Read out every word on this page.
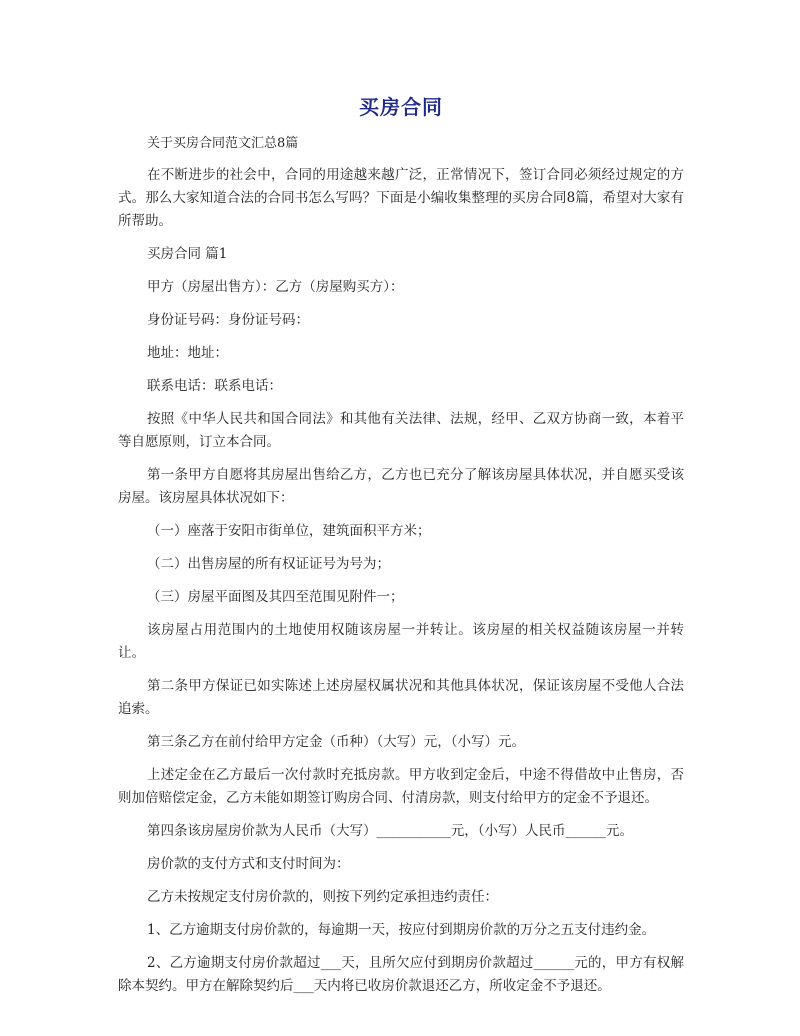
买房合同
关于买房合同范文汇总8篇

在不断进步的社会中，合同的用途越来越广泛，正常情况下，签订合同必须经过规定的方式。那么大家知道合法的合同书怎么写吗？下面是小编收集整理的买房合同8篇，希望对大家有所帮助。

买房合同 篇1

甲方（房屋出售方）：乙方（房屋购买方）：

身份证号码：身份证号码：

地址：地址：

联系电话：联系电话：

按照《中华人民共和国合同法》和其他有关法律、法规，经甲、乙双方协商一致，本着平等自愿原则，订立本合同。

第一条甲方自愿将其房屋出售给乙方，乙方也已充分了解该房屋具体状况，并自愿买受该房屋。该房屋具体状况如下：

（一）座落于安阳市街单位，建筑面积平方米；

（二）出售房屋的所有权证证号为号为；

（三）房屋平面图及其四至范围见附件一；

该房屋占用范围内的土地使用权随该房屋一并转让。该房屋的相关权益随该房屋一并转让。

第二条甲方保证已如实陈述上述房屋权属状况和其他具体状况，保证该房屋不受他人合法追索。

第三条乙方在前付给甲方定金（币种）（大写）元，（小写）元。

上述定金在乙方最后一次付款时充抵房款。甲方收到定金后，中途不得借故中止售房，否则加倍赔偿定金，乙方未能如期签订购房合同、付清房款，则支付给甲方的定金不予退还。

第四条该房屋房价款为人民币（大写）___________元，（小写）人民币______元。

房价款的支付方式和支付时间为：

乙方未按规定支付房价款的，则按下列约定承担违约责任：

1、乙方逾期支付房价款的，每逾期一天，按应付到期房价款的万分之五支付违约金。

2、乙方逾期支付房价款超过___天，且所欠应付到期房价款超过______元的，甲方有权解除本契约。甲方在解除契约后___天内将已收房价款退还乙方，所收定金不予退还。
